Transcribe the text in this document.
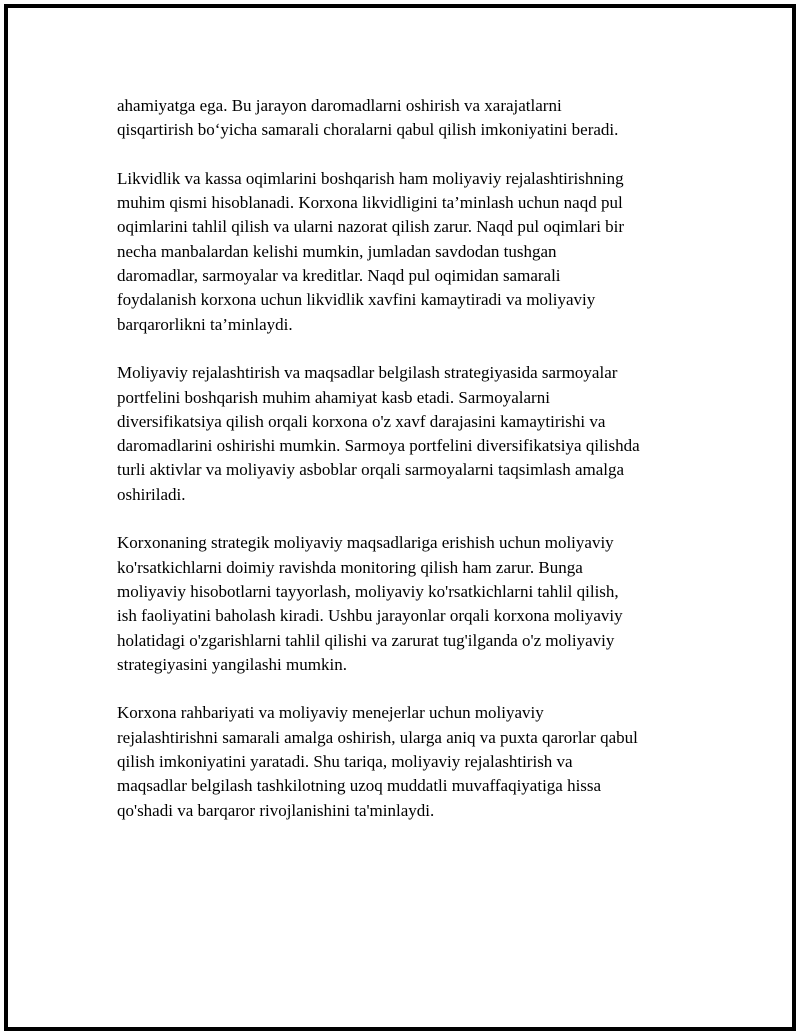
ahamiyatga ega. Bu jarayon daromadlarni oshirish va xarajatlarni
qisqartirish bo‘yicha samarali choralarni qabul qilish imkoniyatini beradi.

Likvidlik va kassa oqimlarini boshqarish ham moliyaviy rejalashtirishning
muhim qismi hisoblanadi. Korxona likvidligini ta’minlash uchun naqd pul
oqimlarini tahlil qilish va ularni nazorat qilish zarur. Naqd pul oqimlari bir
necha manbalardan kelishi mumkin, jumladan savdodan tushgan
daromadlar, sarmoyalar va kreditlar. Naqd pul oqimidan samarali
foydalanish korxona uchun likvidlik xavfini kamaytiradi va moliyaviy
barqarorlikni ta’minlaydi.

Moliyaviy rejalashtirish va maqsadlar belgilash strategiyasida sarmoyalar
portfelini boshqarish muhim ahamiyat kasb etadi. Sarmoyalarni
diversifikatsiya qilish orqali korxona o'z xavf darajasini kamaytirishi va
daromadlarini oshirishi mumkin. Sarmoya portfelini diversifikatsiya qilishda
turli aktivlar va moliyaviy asboblar orqali sarmoyalarni taqsimlash amalga
oshiriladi.

Korxonaning strategik moliyaviy maqsadlariga erishish uchun moliyaviy
ko'rsatkichlarni doimiy ravishda monitoring qilish ham zarur. Bunga
moliyaviy hisobotlarni tayyorlash, moliyaviy ko'rsatkichlarni tahlil qilish,
ish faoliyatini baholash kiradi. Ushbu jarayonlar orqali korxona moliyaviy
holatidagi o'zgarishlarni tahlil qilishi va zarurat tug'ilganda o'z moliyaviy
strategiyasini yangilashi mumkin.

Korxona rahbariyati va moliyaviy menejerlar uchun moliyaviy
rejalashtirishni samarali amalga oshirish, ularga aniq va puxta qarorlar qabul
qilish imkoniyatini yaratadi. Shu tariqa, moliyaviy rejalashtirish va
maqsadlar belgilash tashkilotning uzoq muddatli muvaffaqiyatiga hissa
qo'shadi va barqaror rivojlanishini ta'minlaydi.
